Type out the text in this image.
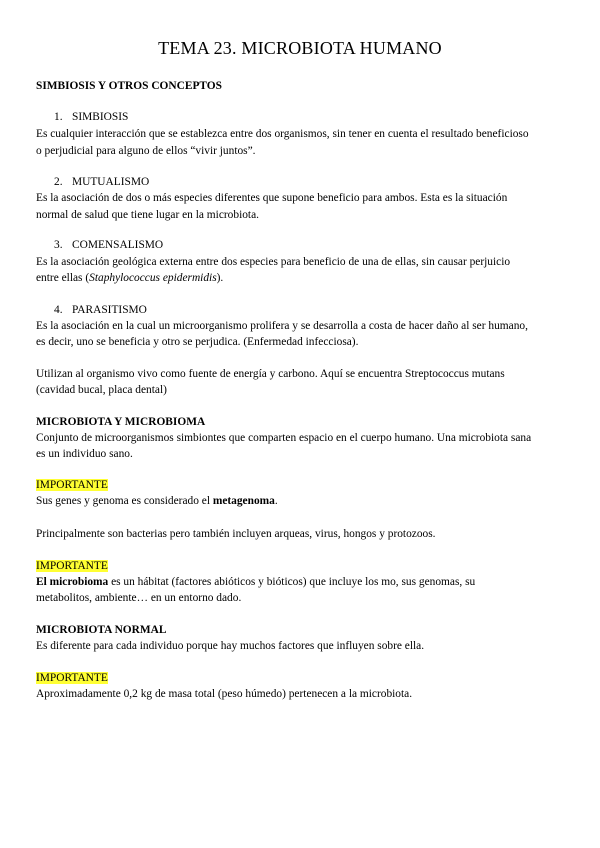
TEMA 23. MICROBIOTA HUMANO
SIMBIOSIS Y OTROS CONCEPTOS
1. SIMBIOSIS
Es cualquier interacción que se establezca entre dos organismos, sin tener en cuenta el resultado beneficioso
o perjudicial para alguno de ellos “vivir juntos”.
2. MUTUALISMO
Es la asociación de dos o más especies diferentes que supone beneficio para ambos. Esta es la situación
normal de salud que tiene lugar en la microbiota.
3. COMENSALISMO
Es la asociación geológica externa entre dos especies para beneficio de una de ellas, sin causar perjuicio
entre ellas (Staphylococcus epidermidis).
4. PARASITISMO
Es la asociación en la cual un microorganismo prolifera y se desarrolla a costa de hacer daño al ser humano,
es decir, uno se beneficia y otro se perjudica. (Enfermedad infecciosa).
Utilizan al organismo vivo como fuente de energía y carbono. Aquí se encuentra Streptococcus mutans
(cavidad bucal, placa dental)
MICROBIOTA Y MICROBIOMA
Conjunto de microorganismos simbiontes que comparten espacio en el cuerpo humano. Una microbiota sana
es un individuo sano.
IMPORTANTE
Sus genes y genoma es considerado el metagenoma.
Principalmente son bacterias pero también incluyen arqueas, virus, hongos y protozoos.
IMPORTANTE
El microbioma es un hábitat (factores abióticos y bióticos) que incluye los mo, sus genomas, su
metabolitos, ambiente… en un entorno dado.
MICROBIOTA NORMAL
Es diferente para cada individuo porque hay muchos factores que influyen sobre ella.
IMPORTANTE
Aproximadamente 0,2 kg de masa total (peso húmedo) pertenecen a la microbiota.
